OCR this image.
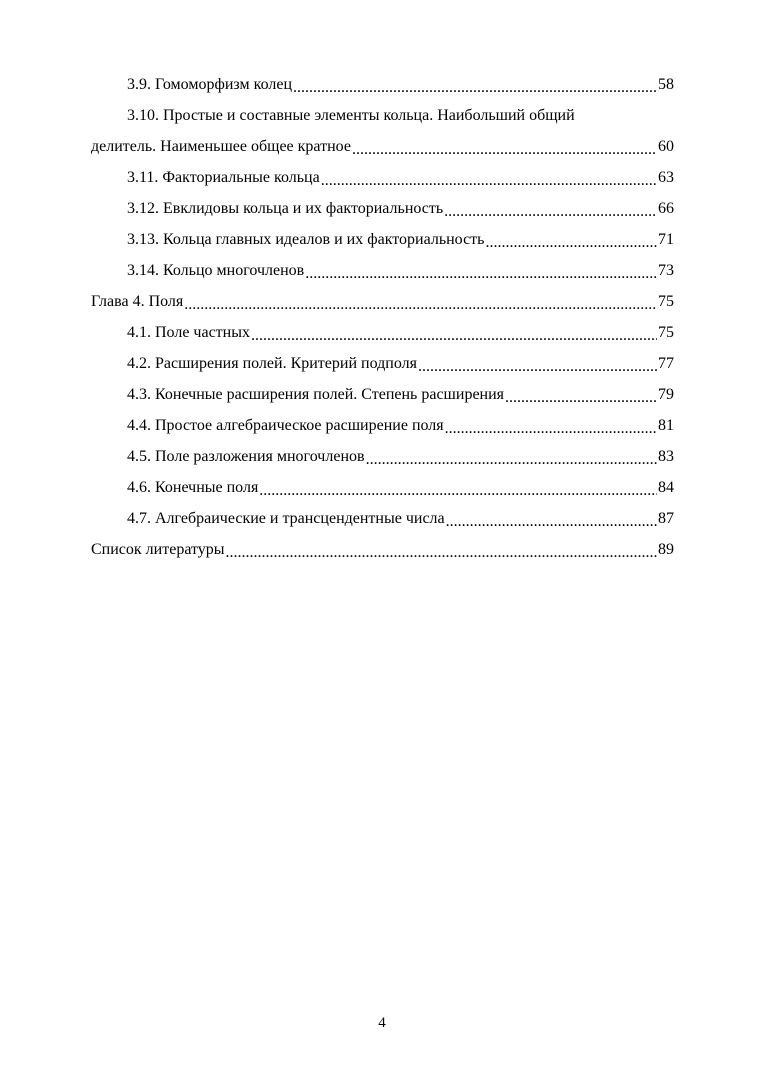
3.9. Гомоморфизм колец .....	58
3.10. Простые и составные элементы кольца. Наибольший общий
делитель. Наименьшее общее кратное .....	60
3.11. Факториальные кольца .....	63
3.12. Евклидовы кольца и их факториальность .....	66
3.13. Кольца главных идеалов и их факториальность .....	71
3.14. Кольцо многочленов .....	73
Глава 4. Поля .....	75
4.1. Поле частных .....	75
4.2. Расширения полей. Критерий подполя .....	77
4.3. Конечные расширения полей. Степень расширения .....	79
4.4. Простое алгебраическое расширение поля .....	81
4.5. Поле разложения многочленов .....	83
4.6. Конечные поля .....	84
4.7. Алгебраические и трансцендентные числа .....	87
Список литературы .....	89
4
